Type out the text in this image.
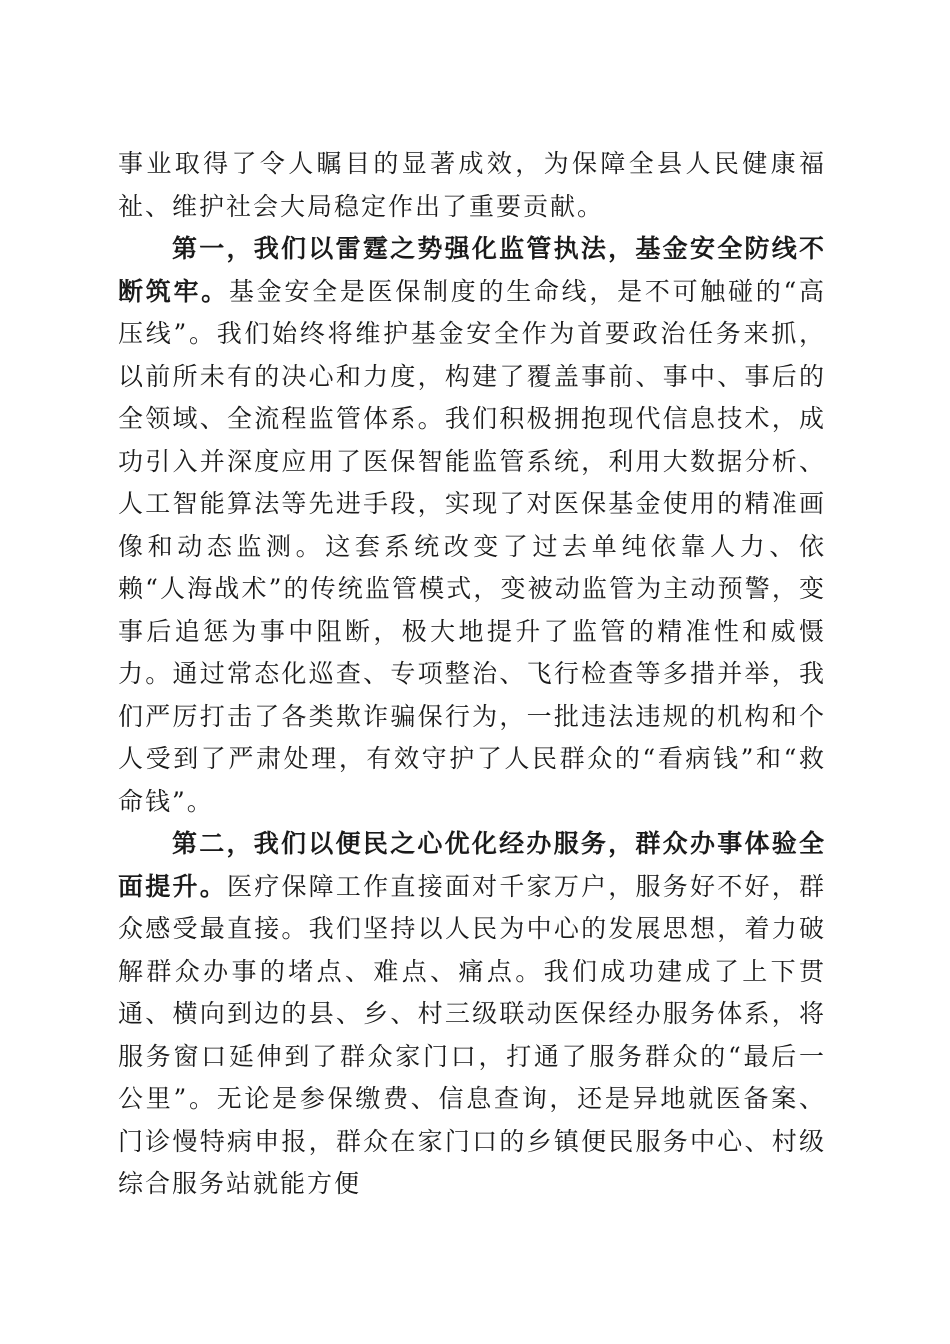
事业取得了令人瞩目的显著成效，为保障全县人民健康福祉、维护社会大局稳定作出了重要贡献。

第一，我们以雷霆之势强化监管执法，基金安全防线不断筑牢。基金安全是医保制度的生命线，是不可触碰的“高压线”。我们始终将维护基金安全作为首要政治任务来抓，以前所未有的决心和力度，构建了覆盖事前、事中、事后的全领域、全流程监管体系。我们积极拥抱现代信息技术，成功引入并深度应用了医保智能监管系统，利用大数据分析、人工智能算法等先进手段，实现了对医保基金使用的精准画像和动态监测。这套系统改变了过去单纯依靠人力、依赖“人海战术”的传统监管模式，变被动监管为主动预警，变事后追惩为事中阻断，极大地提升了监管的精准性和威慑力。通过常态化巡查、专项整治、飞行检查等多措并举，我们严厉打击了各类欺诈骗保行为，一批违法违规的机构和个人受到了严肃处理，有效守护了人民群众的“看病钱”和“救命钱”。

第二，我们以便民之心优化经办服务，群众办事体验全面提升。医疗保障工作直接面对千家万户，服务好不好，群众感受最直接。我们坚持以人民为中心的发展思想，着力破解群众办事的堵点、难点、痛点。我们成功建成了上下贯通、横向到边的县、乡、村三级联动医保经办服务体系，将服务窗口延伸到了群众家门口，打通了服务群众的“最后一公里”。无论是参保缴费、信息查询，还是异地就医备案、门诊慢特病申报，群众在家门口的乡镇便民服务中心、村级综合服务站就能方便
